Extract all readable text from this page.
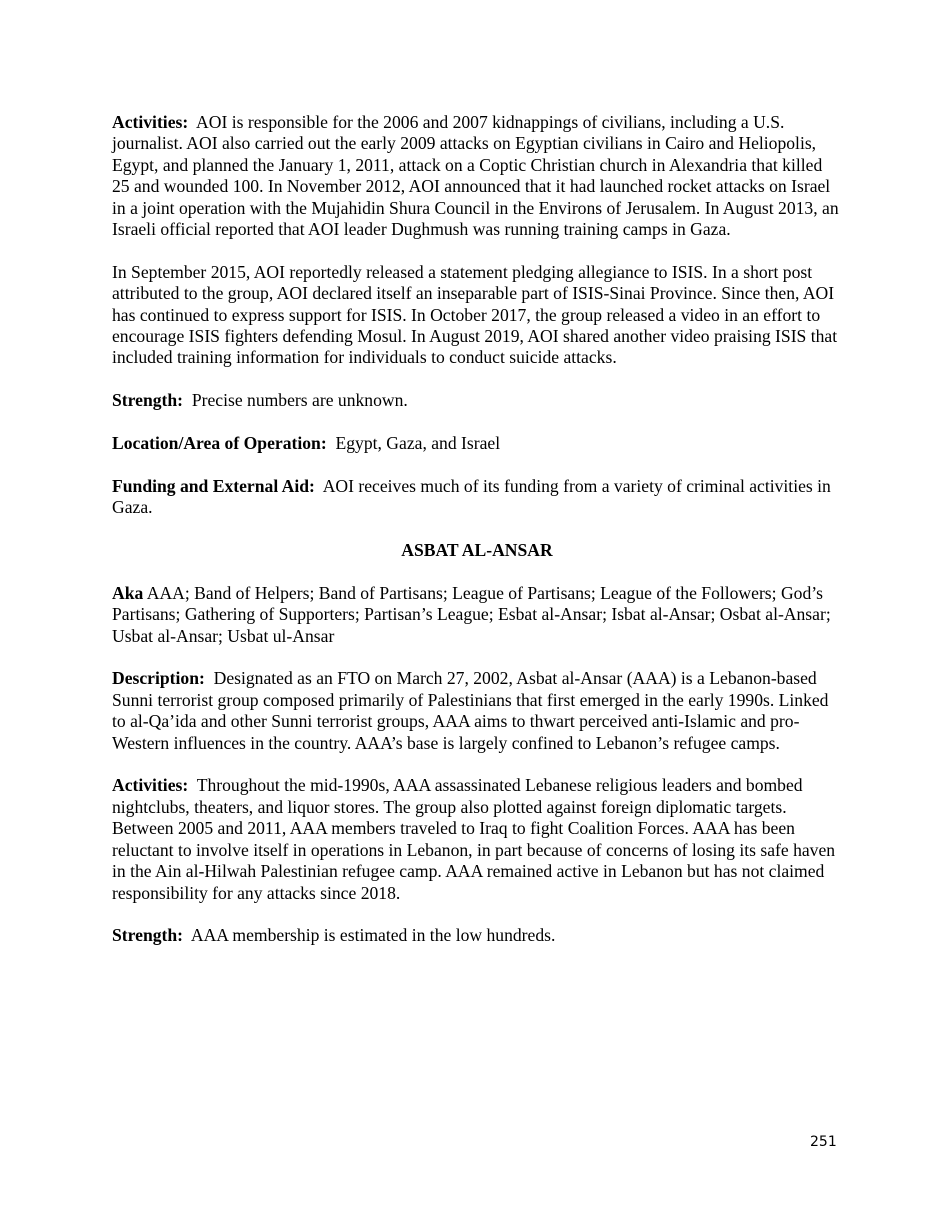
Activities: AOI is responsible for the 2006 and 2007 kidnappings of civilians, including a U.S. journalist. AOI also carried out the early 2009 attacks on Egyptian civilians in Cairo and Heliopolis, Egypt, and planned the January 1, 2011, attack on a Coptic Christian church in Alexandria that killed 25 and wounded 100. In November 2012, AOI announced that it had launched rocket attacks on Israel in a joint operation with the Mujahidin Shura Council in the Environs of Jerusalem. In August 2013, an Israeli official reported that AOI leader Dughmush was running training camps in Gaza.

In September 2015, AOI reportedly released a statement pledging allegiance to ISIS. In a short post attributed to the group, AOI declared itself an inseparable part of ISIS-Sinai Province. Since then, AOI has continued to express support for ISIS. In October 2017, the group released a video in an effort to encourage ISIS fighters defending Mosul. In August 2019, AOI shared another video praising ISIS that included training information for individuals to conduct suicide attacks.

Strength: Precise numbers are unknown.

Location/Area of Operation: Egypt, Gaza, and Israel

Funding and External Aid: AOI receives much of its funding from a variety of criminal activities in Gaza.

ASBAT AL-ANSAR

Aka AAA; Band of Helpers; Band of Partisans; League of Partisans; League of the Followers; God’s Partisans; Gathering of Supporters; Partisan’s League; Esbat al-Ansar; Isbat al-Ansar; Osbat al-Ansar; Usbat al-Ansar; Usbat ul-Ansar

Description: Designated as an FTO on March 27, 2002, Asbat al-Ansar (AAA) is a Lebanon-based Sunni terrorist group composed primarily of Palestinians that first emerged in the early 1990s. Linked to al-Qa’ida and other Sunni terrorist groups, AAA aims to thwart perceived anti-Islamic and pro-Western influences in the country. AAA’s base is largely confined to Lebanon’s refugee camps.

Activities: Throughout the mid-1990s, AAA assassinated Lebanese religious leaders and bombed nightclubs, theaters, and liquor stores. The group also plotted against foreign diplomatic targets. Between 2005 and 2011, AAA members traveled to Iraq to fight Coalition Forces. AAA has been reluctant to involve itself in operations in Lebanon, in part because of concerns of losing its safe haven in the Ain al-Hilwah Palestinian refugee camp. AAA remained active in Lebanon but has not claimed responsibility for any attacks since 2018.

Strength: AAA membership is estimated in the low hundreds.

251
